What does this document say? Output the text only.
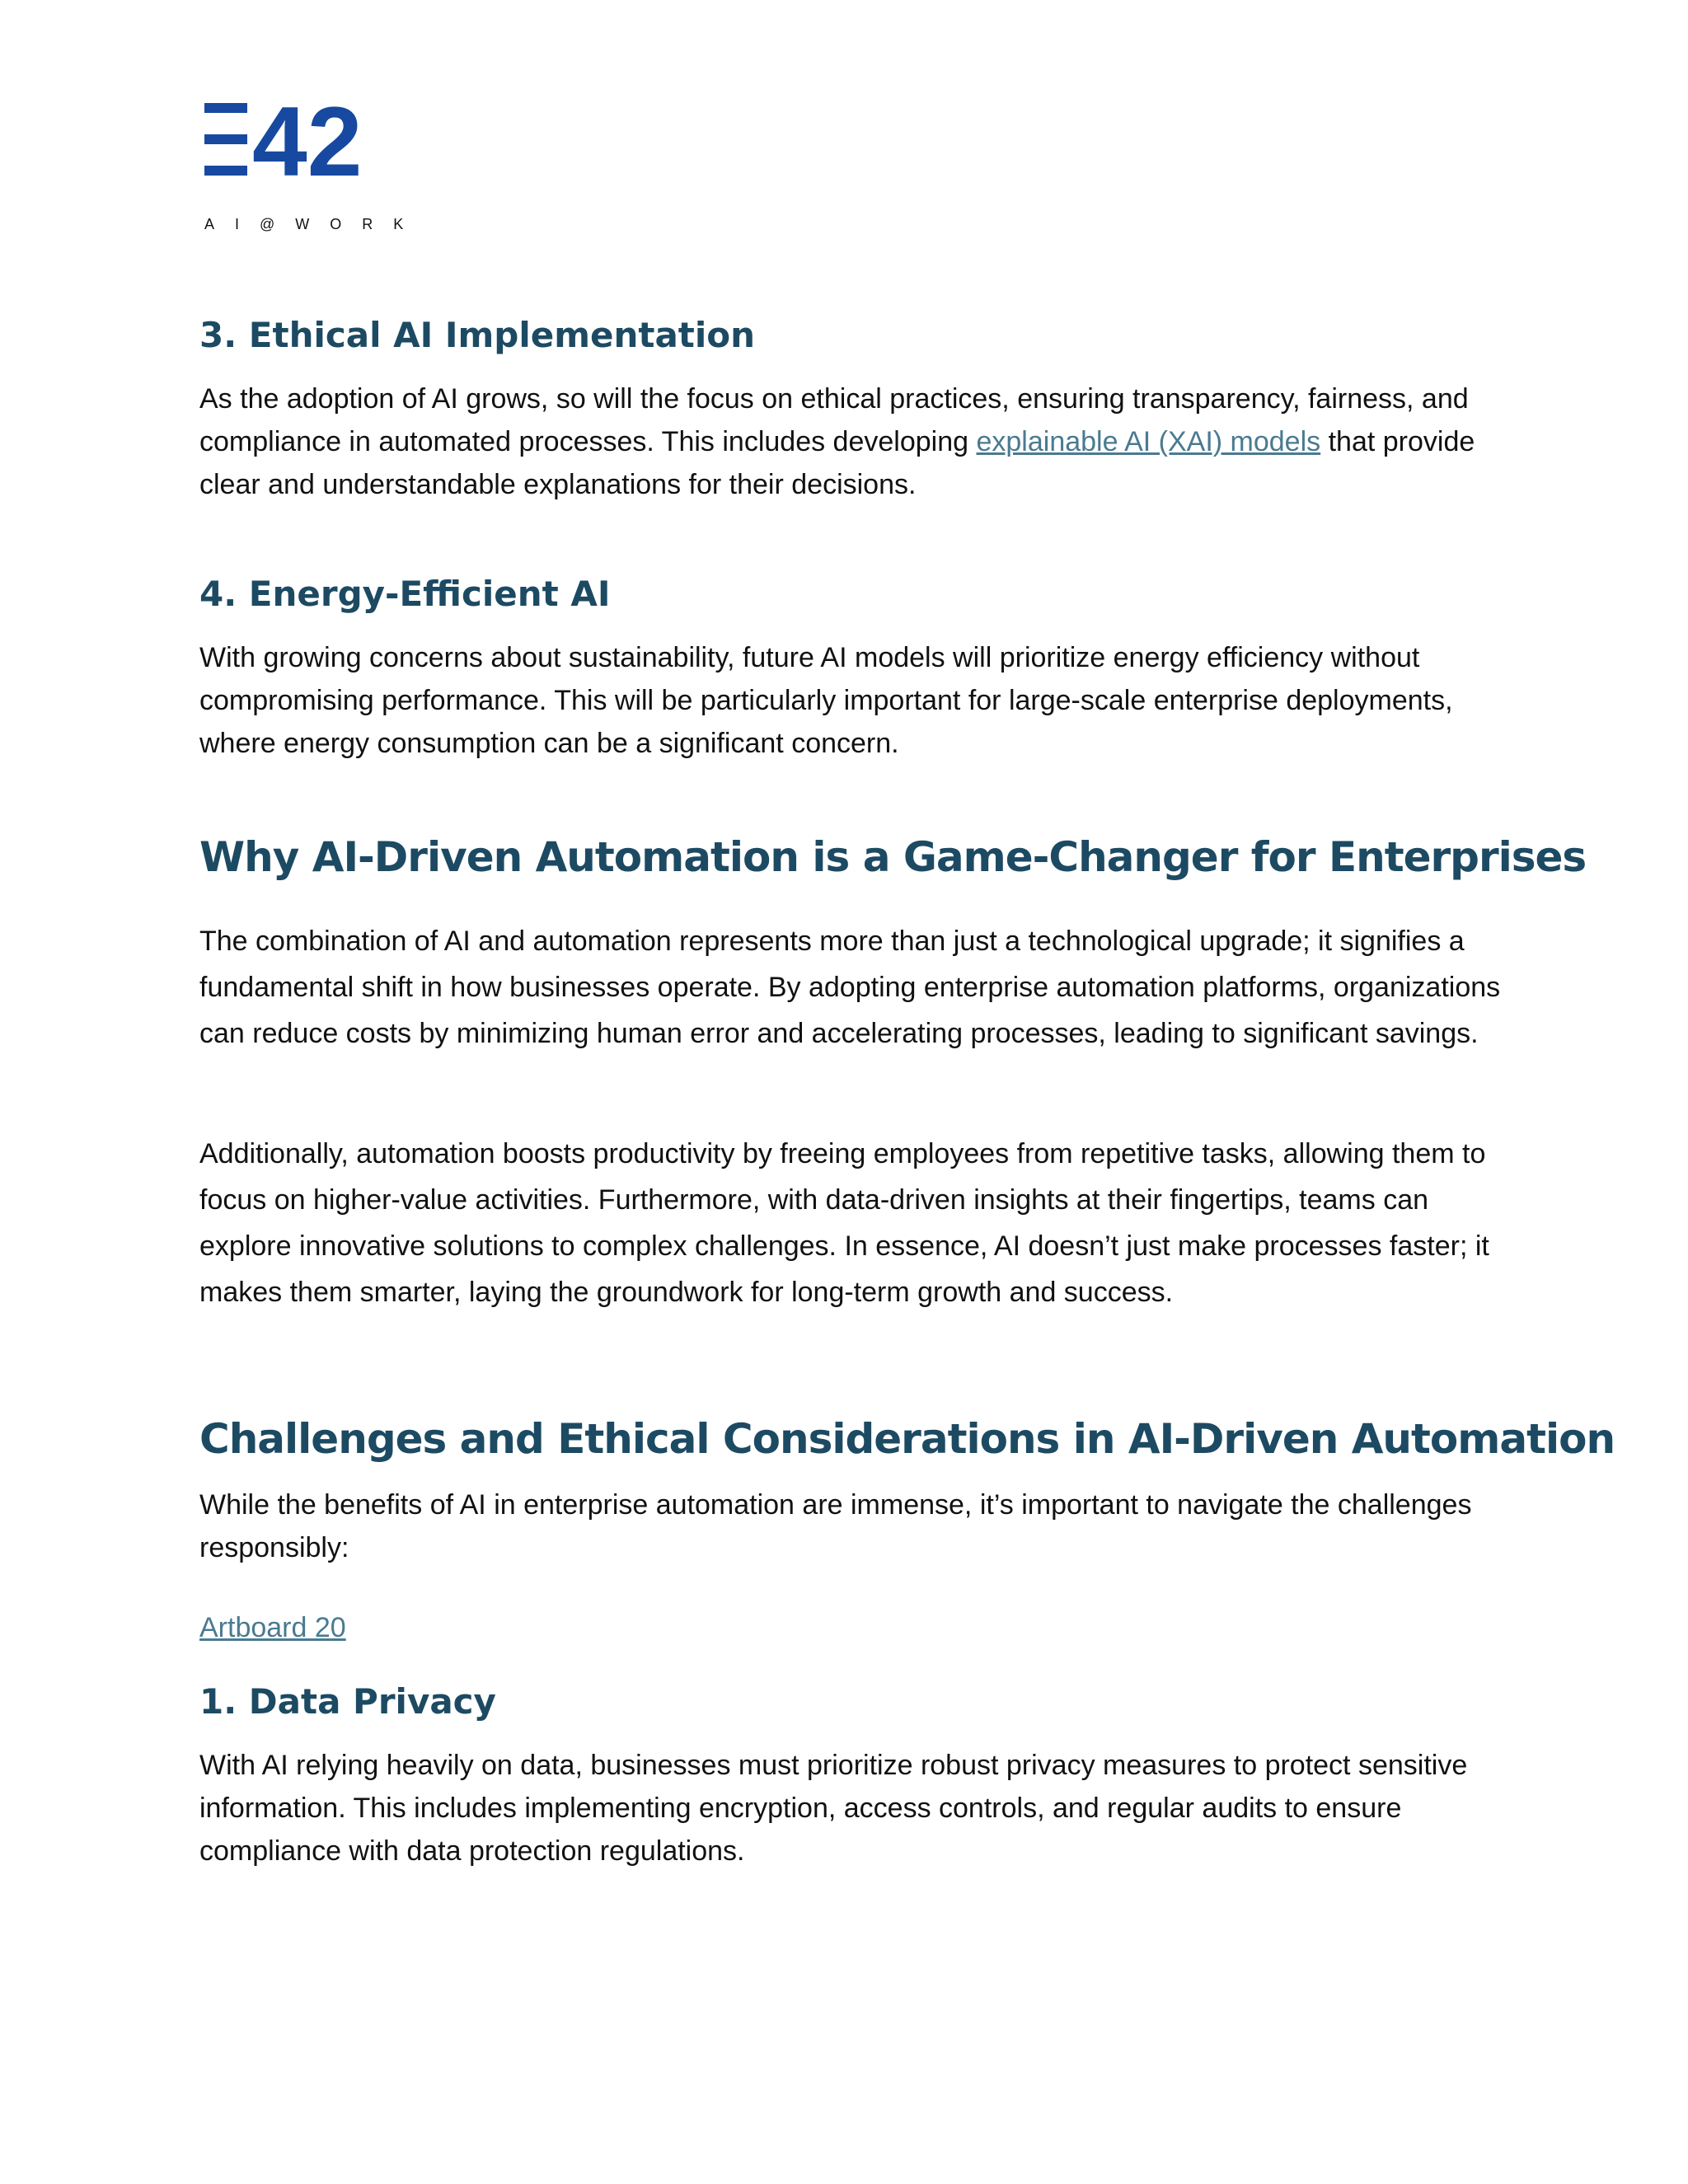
42
AI@WORK
3. Ethical AI Implementation

As the adoption of AI grows, so will the focus on ethical practices, ensuring transparency, fairness, and compliance in automated processes. This includes developing explainable AI (XAI) models that provide clear and understandable explanations for their decisions.

4. Energy-Efficient AI

With growing concerns about sustainability, future AI models will prioritize energy efficiency without compromising performance. This will be particularly important for large-scale enterprise deployments, where energy consumption can be a significant concern.

Why AI-Driven Automation is a Game-Changer for Enterprises

The combination of AI and automation represents more than just a technological upgrade; it signifies a fundamental shift in how businesses operate. By adopting enterprise automation platforms, organizations can reduce costs by minimizing human error and accelerating processes, leading to significant savings.

Additionally, automation boosts productivity by freeing employees from repetitive tasks, allowing them to focus on higher-value activities. Furthermore, with data-driven insights at their fingertips, teams can explore innovative solutions to complex challenges. In essence, AI doesn’t just make processes faster; it makes them smarter, laying the groundwork for long-term growth and success.

Challenges and Ethical Considerations in AI-Driven Automation

While the benefits of AI in enterprise automation are immense, it’s important to navigate the challenges responsibly:

Artboard 20
1. Data Privacy

With AI relying heavily on data, businesses must prioritize robust privacy measures to protect sensitive information. This includes implementing encryption, access controls, and regular audits to ensure compliance with data protection regulations.
